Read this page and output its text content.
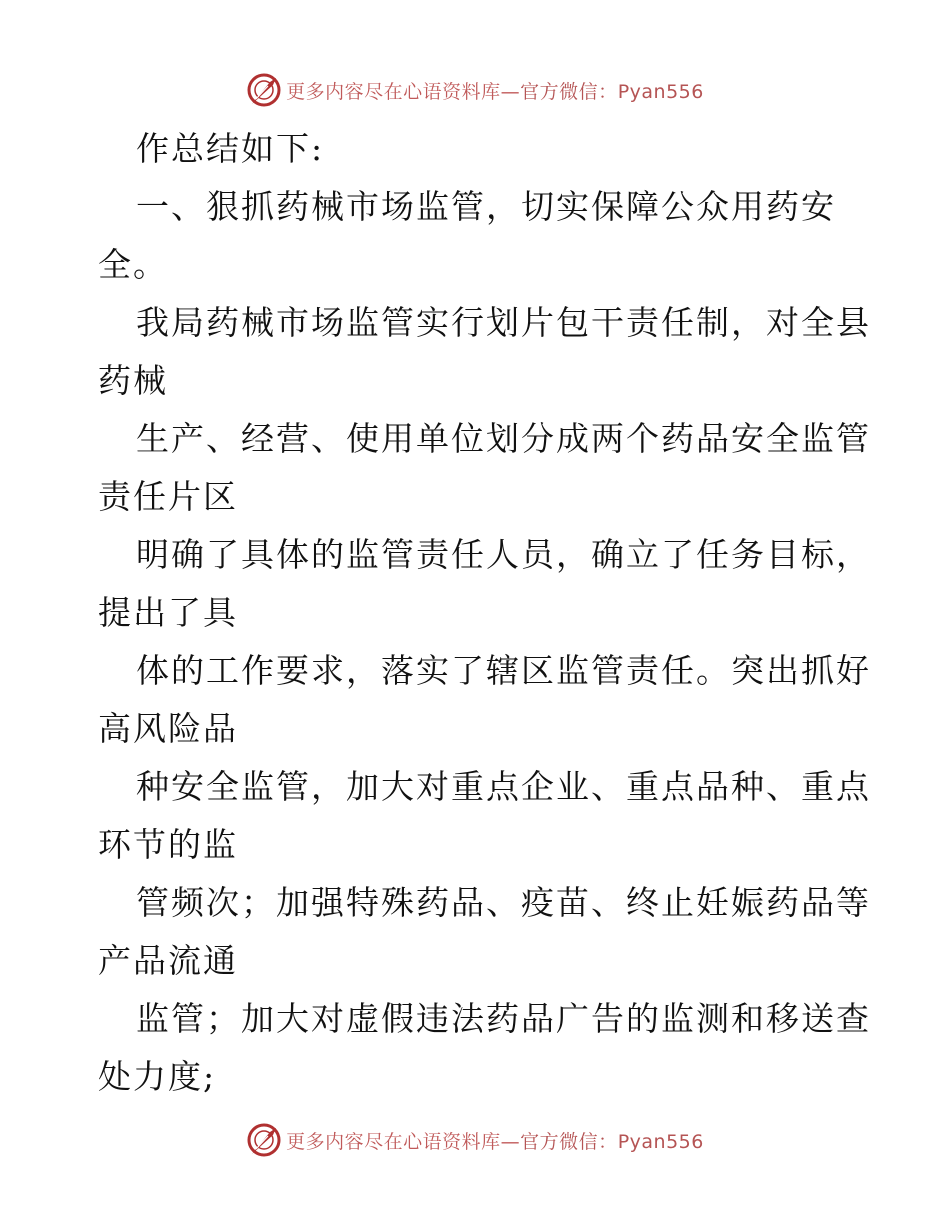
更多内容尽在心语资料库—官方微信：Pyan556
作总结如下:
一、狠抓药械市场监管，切实保障公众用药安
全。
我局药械市场监管实行划片包干责任制，对全县
药械
生产、经营、使用单位划分成两个药品安全监管
责任片区
明确了具体的监管责任人员，确立了任务目标，
提出了具
体的工作要求，落实了辖区监管责任。突出抓好
高风险品
种安全监管，加大对重点企业、重点品种、重点
环节的监
管频次；加强特殊药品、疫苗、终止妊娠药品等
产品流通
监管；加大对虚假违法药品广告的监测和移送查
处力度;
更多内容尽在心语资料库—官方微信：Pyan556
